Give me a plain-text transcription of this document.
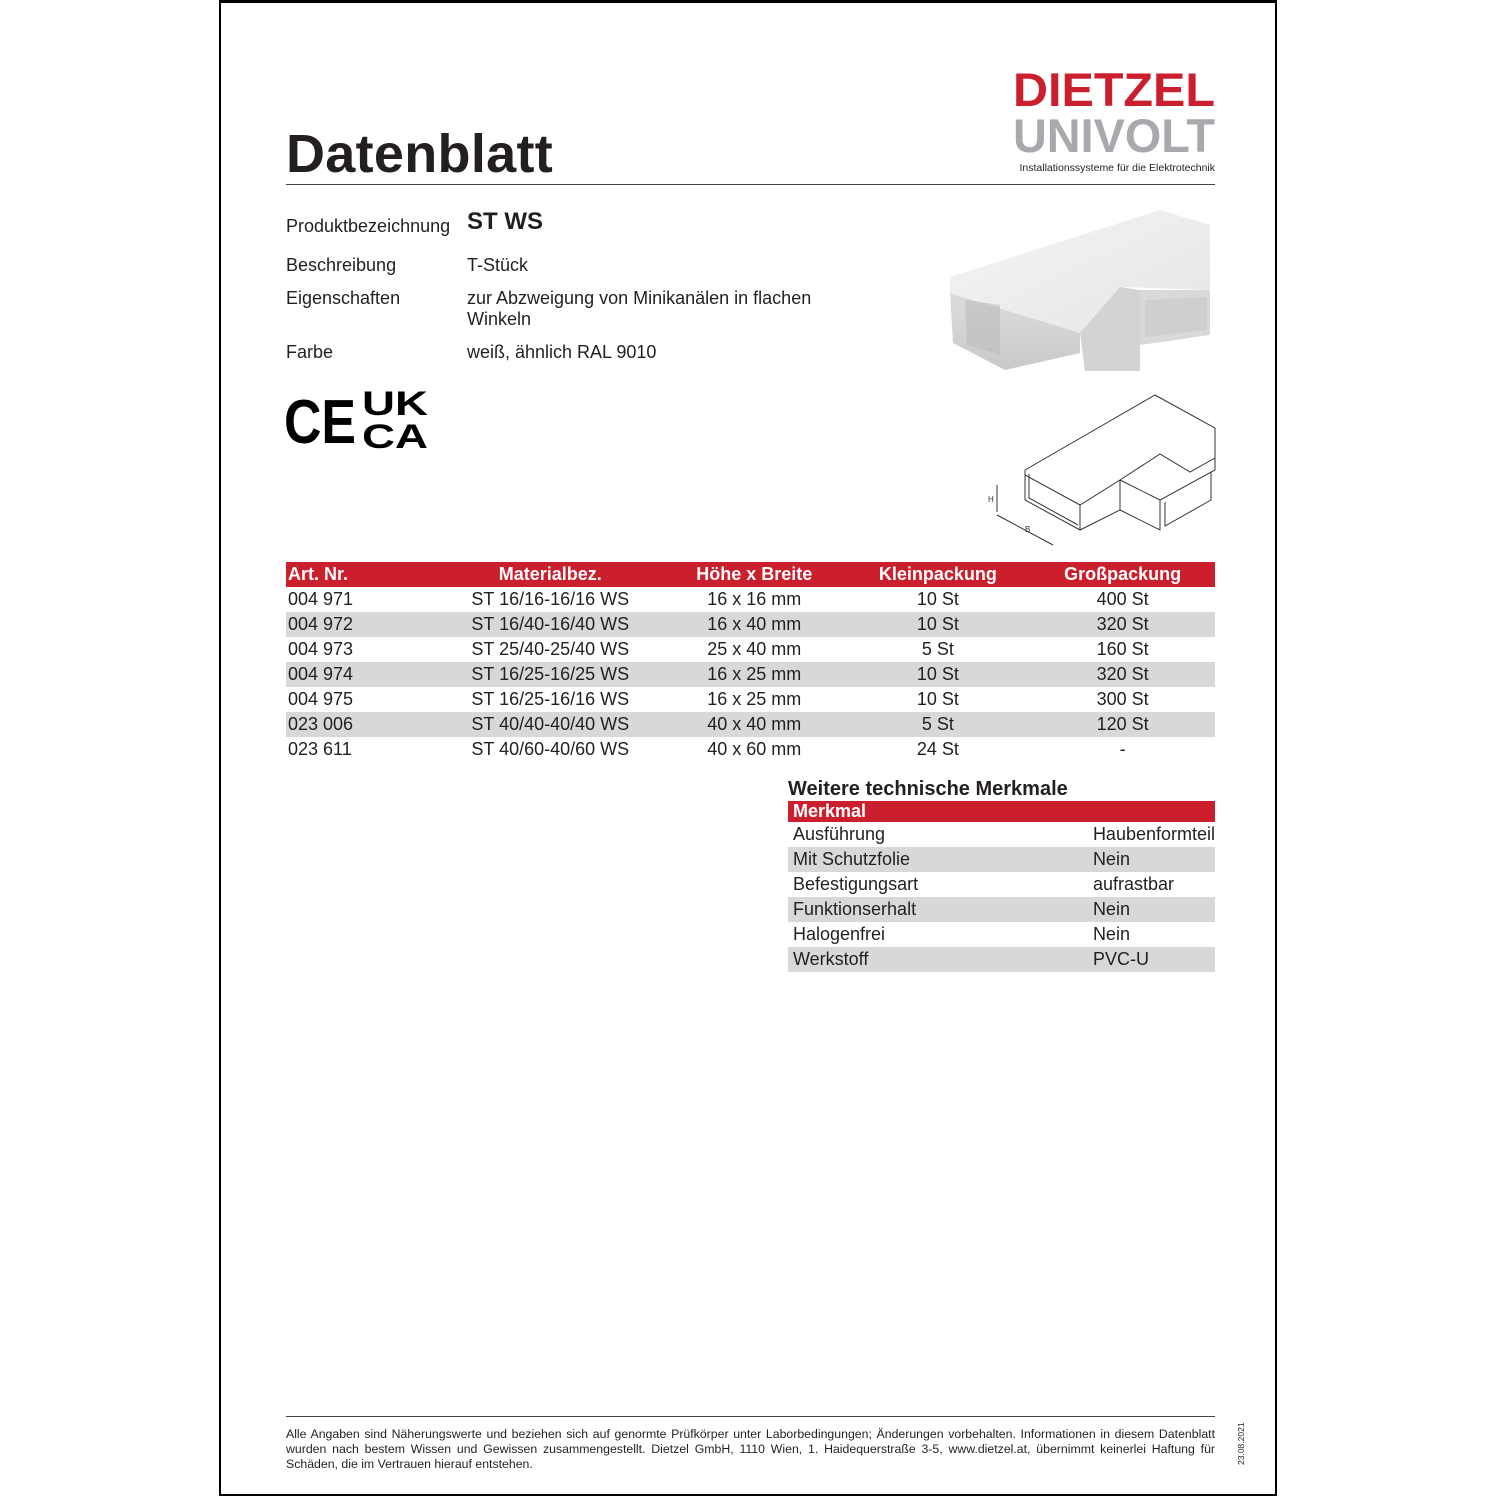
Datenblatt
DIETZEL
UNIVOLT
Installationssysteme für die Elektrotechnik
Produktbezeichnung ST WS
Beschreibung	T-Stück
Eigenschaften	zur Abzweigung von Minikanälen in flachen Winkeln
Farbe	weiß, ähnlich RAL 9010
CE UK
CA
H
B
Art. Nr.	Materialbez.	Höhe x Breite	Kleinpackung	Großpackung
004 971	ST 16/16-16/16 WS	16 x 16 mm	10 St	400 St
004 972	ST 16/40-16/40 WS	16 x 40 mm	10 St	320 St
004 973	ST 25/40-25/40 WS	25 x 40 mm	5 St	160 St
004 974	ST 16/25-16/25 WS	16 x 25 mm	10 St	320 St
004 975	ST 16/25-16/16 WS	16 x 25 mm	10 St	300 St
023 006	ST 40/40-40/40 WS	40 x 40 mm	5 St	120 St
023 611	ST 40/60-40/60 WS	40 x 60 mm	24 St	-
Weitere technische Merkmale
Merkmal	
Ausführung	Haubenformteil
Mit Schutzfolie	Nein
Befestigungsart	aufrastbar
Funktionserhalt	Nein
Halogenfrei	Nein
Werkstoff	PVC-U
Alle Angaben sind Näherungswerte und beziehen sich auf genormte Prüfkörper unter Laborbedingungen; Änderungen vorbehalten. Informationen in diesem Datenblatt wurden nach bestem Wissen und Gewissen zusammengestellt. Dietzel GmbH, 1110 Wien, 1. Haidequerstraße 3-5, www.dietzel.at, übernimmt keinerlei Haftung für Schäden, die im Vertrauen hierauf entstehen.	23.08.2021
